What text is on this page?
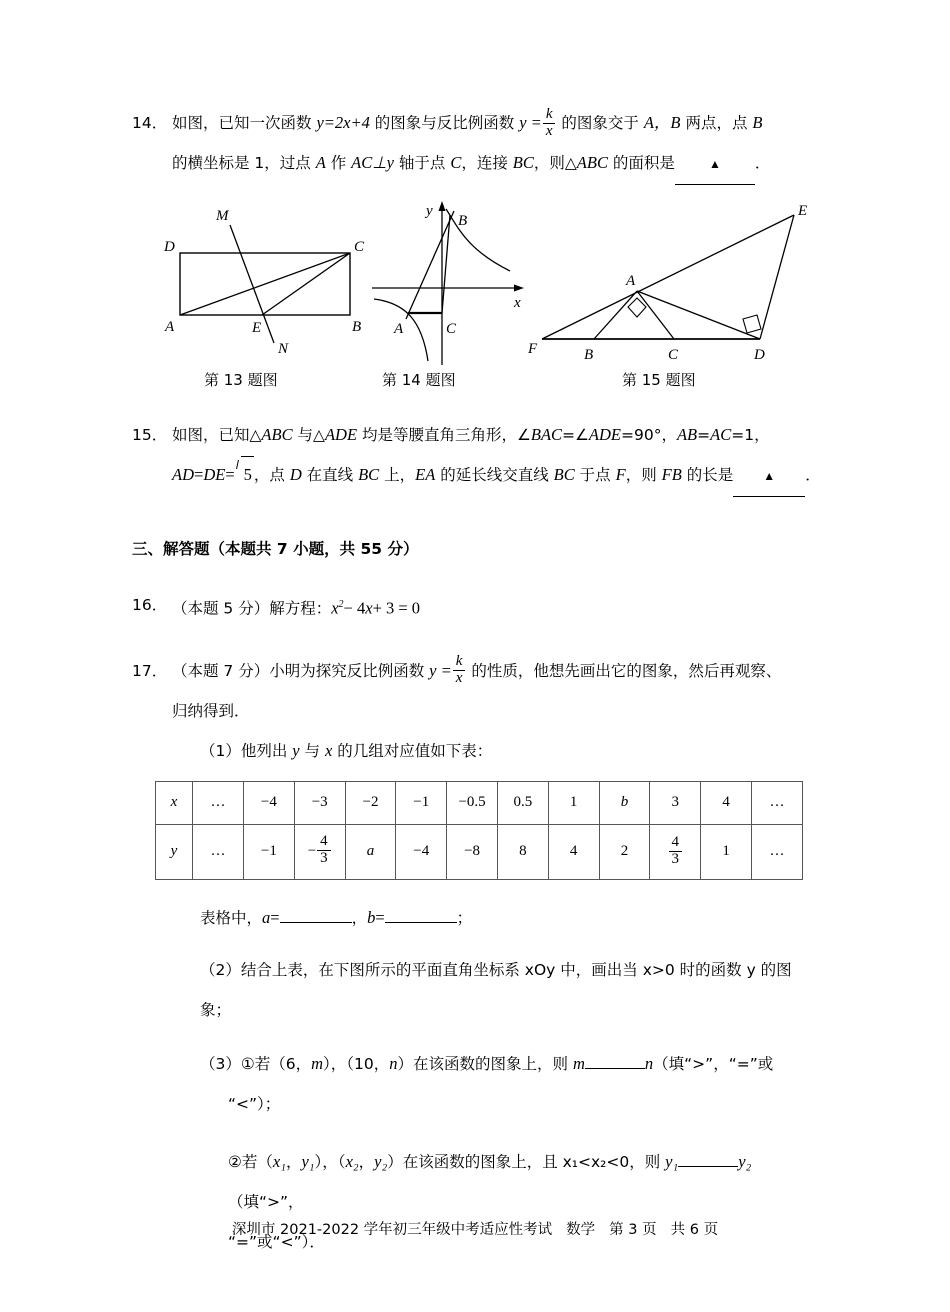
14． 如图，已知一次函数 y=2x+4 的图象与反比例函数 $y = \frac{k}{x}$ 的图象交于 A，B 两点，点 B
的横坐标是 1，过点 A 作 AC⊥y 轴于点 C，连接 BC，则△ABC 的面积是	▲ ．
A	B
C
D
E
M
N
第 13 题图
A
B
C
y
x
第 14 题图
A
B	C	D
E
F
第 15 题图
15． 如图，已知△ABC 与△ADE 均是等腰直角三角形，∠BAC=∠ADE=90°，AB=AC=1，
AD=DE= 5 ，点 D 在直线 BC 上，EA 的延长线交直线 BC 于点 F，则 FB 的长是	▲ ．
三、解答题（本题共 7 小题，共 55 分）
16． （本题 5 分）解方程：$x^2- 4x+ 3 = 0$
17． （本题 7 分）小明为探究反比例函数 $y = \frac{k}{x}$ 的性质，他想先画出它的图象，然后再观察、
归纳得到．
（1）他列出 y 与 x 的几组对应值如下表：
x	…	−4	−3	−2	−1	−0.5	0.5	1	b	3	4	…
y	…	−1	− $\frac{4}{3}$	a	−4	−8	8	4	2	$\frac{4}{3}$	1	…
表格中，a=	，b=	；
（2）结合上表，在下图所示的平面直角坐标系 xOy 中，画出当 x>0 时的函数 y 的图象；
（3）①若（6，m），（10，n）在该函数的图象上，则 m	n（填“>”，“=”或
“<”）；
②若（x₁，y₁），（x₂，y₂）在该函数的图象上，且 x₁<x₂<0，则 y₁	y₂（填“>”，
“=”或“<”）．
深圳市 2021-2022 学年初三年级中考适应性考试 数学 第 3 页 共 6 页
